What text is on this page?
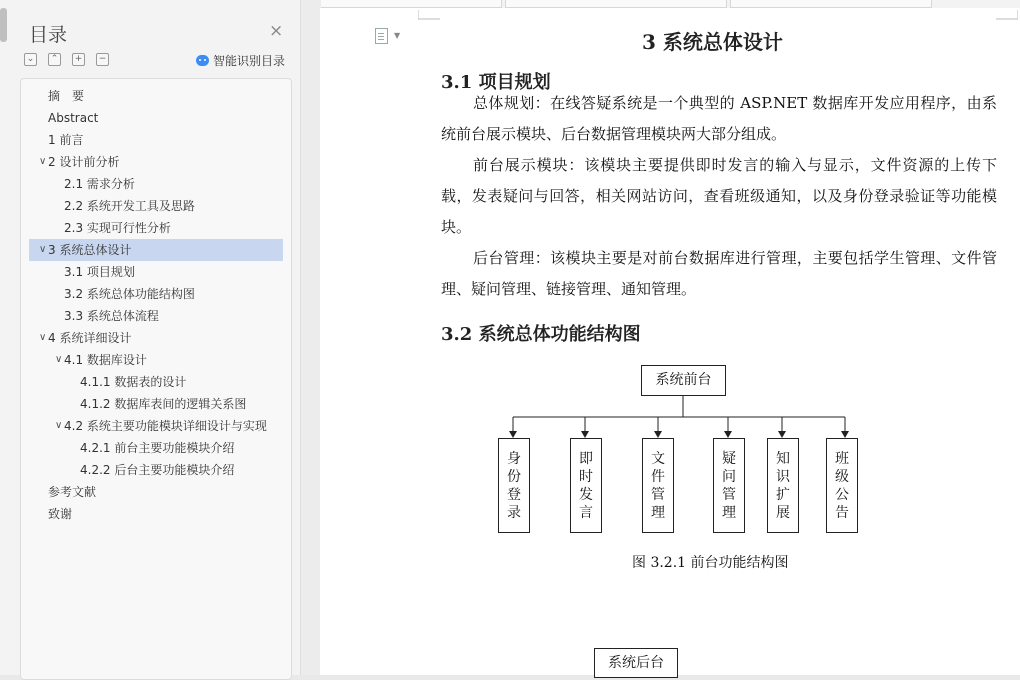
目录	×
⌄	⌃	+	−	智能识别目录
摘　要
Abstract
1 前言
∨ 2 设计前分析
2.1 需求分析
2.2 系统开发工具及思路
2.3 实现可行性分析
∨ 3 系统总体设计
3.1 项目规划
3.2 系统总体功能结构图
3.3 系统总体流程
∨ 4 系统详细设计
∨ 4.1 数据库设计
4.1.1 数据表的设计
4.1.2 数据库表间的逻辑关系图
∨ 4.2 系统主要功能模块详细设计与实现
4.2.1 前台主要功能模块介绍
4.2.2 后台主要功能模块介绍
参考文献
致谢
▼	3 系统总体设计
3.1 项目规划
总体规划：在线答疑系统是一个典型的 ASP.NET 数据库开发应用程序，由系统前台展示模块、后台数据管理模块两大部分组成。
前台展示模块：该模块主要提供即时发言的输入与显示，文件资源的上传下载，发表疑问与回答，相关网站访问，查看班级通知，以及身份登录验证等功能模块。
后台管理：该模块主要是对前台数据库进行管理，主要包括学生管理、文件管理、疑问管理、链接管理、通知管理。
3.2 系统总体功能结构图
系统前台
身
份
登
录
即
时
发
言
文
件
管
理
疑
问
管
理
知
识
扩
展
班
级
公
告
图 3.2.1 前台功能结构图
系统后台
